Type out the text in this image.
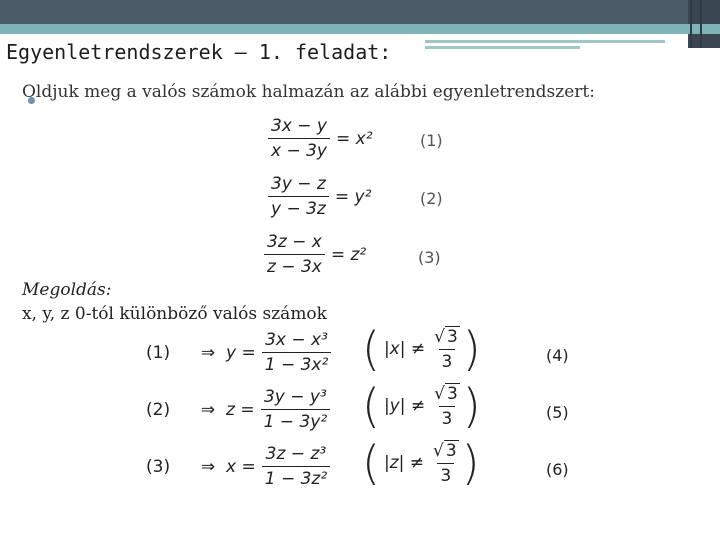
Egyenletrendszerek – 1. feladat:
Oldjuk meg a valós számok halmazán az alábbi egyenletrendszert:
$\frac{3x - y}{x - 3y} = x^2$	(1)
$\frac{3y - z}{y - 3z} = y^2$	(2)
$\frac{3z - x}{z - 3x} = z^2$	(3)
Megoldás:
x, y, z 0-tól különböző valós számok
(1)	⇒ $y = \frac{\text{3x − x³}}{\text{1 − 3x²}}$ ( $|x| \ne \frac{√ 3}{3}$ )	(4)
(2)	⇒ $z = \frac{\text{3y − y³}}{\text{1 − 3y²}}$ ( $|y| \ne \frac{√ 3}{3}$ )	(5)
(3)	⇒ $x = \frac{\text{3z − z³}}{\text{1 − 3z²}}$ ( $|z| \ne \frac{√ 3}{3}$ )	(6)
